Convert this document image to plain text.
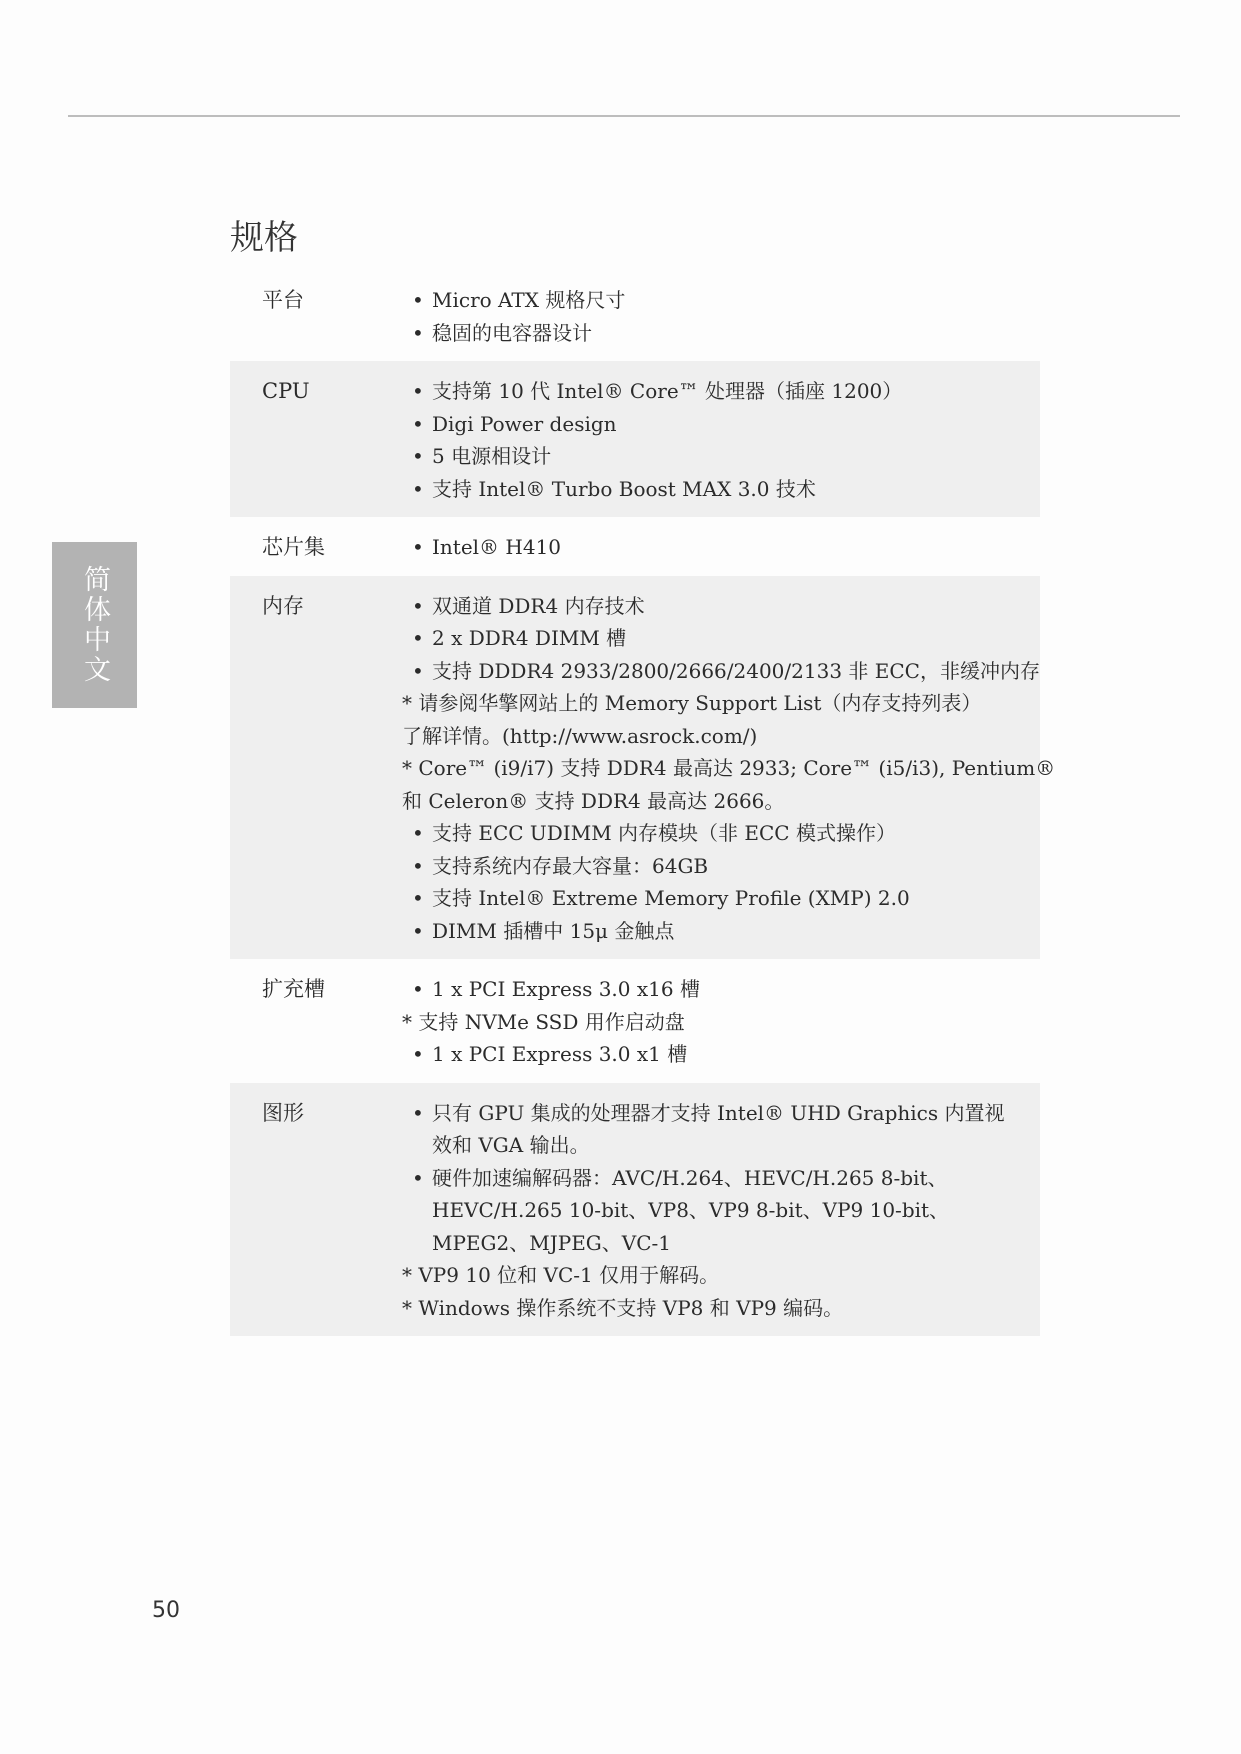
规格
简体中文
平台	• Micro ATX 规格尺寸
• 稳固的电容器设计
CPU	• 支持第 10 代 Intel® Core™ 处理器（插座 1200）
• Digi Power design
• 5 电源相设计
• 支持 Intel® Turbo Boost MAX 3.0 技术
芯片集	• Intel® H410
内存	• 双通道 DDR4 内存技术
• 2 x DDR4 DIMM 槽
• 支持 DDDR4 2933/2800/2666/2400/2133 非 ECC，非缓冲内存
* 请参阅华擎网站上的 Memory Support List（内存支持列表）
了解详情。(http://www.asrock.com/)
* Core™ (i9/i7) 支持 DDR4 最高达 2933; Core™ (i5/i3), Pentium®
和 Celeron® 支持 DDR4 最高达 2666。
• 支持 ECC UDIMM 内存模块（非 ECC 模式操作）
• 支持系统内存最大容量：64GB
• 支持 Intel® Extreme Memory Profile (XMP) 2.0
• DIMM 插槽中 15μ 金触点
扩充槽	• 1 x PCI Express 3.0 x16 槽
* 支持 NVMe SSD 用作启动盘
• 1 x PCI Express 3.0 x1 槽
图形	• 只有 GPU 集成的处理器才支持 Intel® UHD Graphics 内置视
效和 VGA 输出。
• 硬件加速编解码器：AVC/H.264、HEVC/H.265 8-bit、
HEVC/H.265 10-bit、VP8、VP9 8-bit、VP9 10-bit、
MPEG2、MJPEG、VC-1
* VP9 10 位和 VC-1 仅用于解码。
* Windows 操作系统不支持 VP8 和 VP9 编码。
50
